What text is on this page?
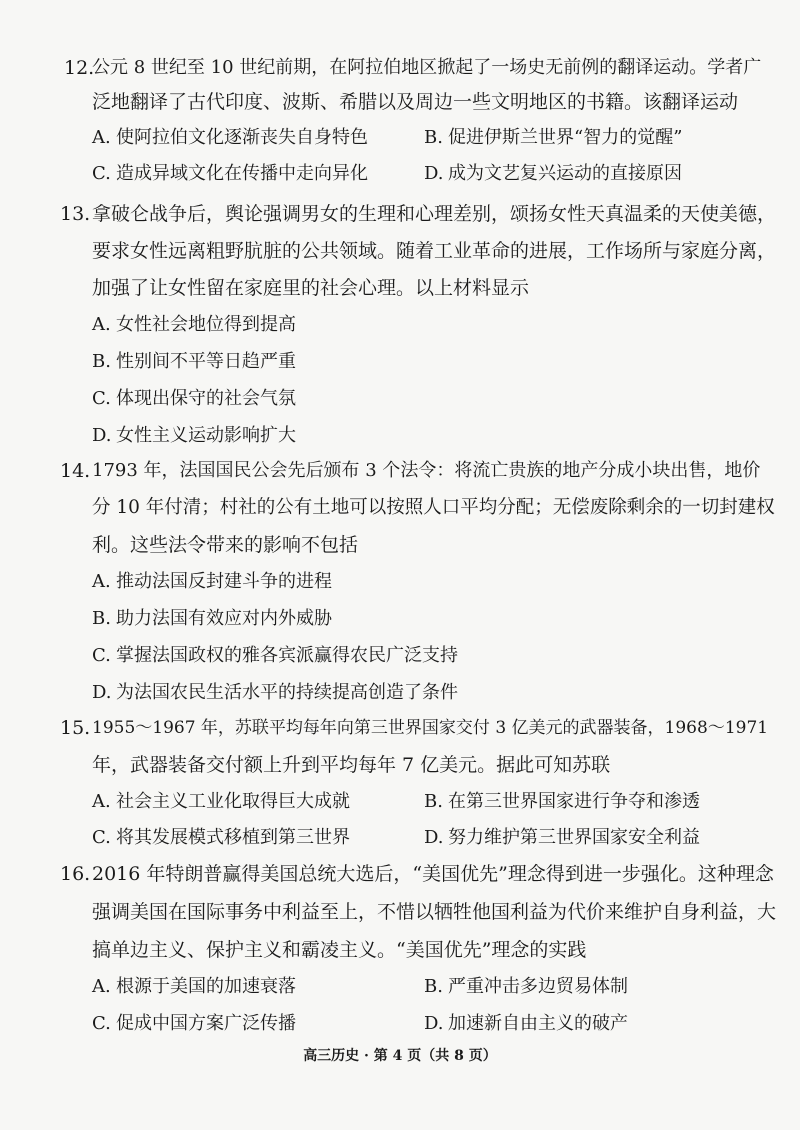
12.
公元 8 世纪至 10 世纪前期，在阿拉伯地区掀起了一场史无前例的翻译运动。学者广
泛地翻译了古代印度、波斯、希腊以及周边一些文明地区的书籍。该翻译运动
A. 使阿拉伯文化逐渐丧失自身特色	B. 促进伊斯兰世界“智力的觉醒”
C. 造成异域文化在传播中走向异化	D. 成为文艺复兴运动的直接原因
13. 拿破仑战争后，舆论强调男女的生理和心理差别，颂扬女性天真温柔的天使美德，
要求女性远离粗野肮脏的公共领域。随着工业革命的进展，工作场所与家庭分离，
加强了让女性留在家庭里的社会心理。以上材料显示
A. 女性社会地位得到提高
B. 性别间不平等日趋严重
C. 体现出保守的社会气氛
D. 女性主义运动影响扩大
14. 1793 年，法国国民公会先后颁布 3 个法令：将流亡贵族的地产分成小块出售，地价
分 10 年付清；村社的公有土地可以按照人口平均分配；无偿废除剩余的一切封建权
利。这些法令带来的影响不包括
A. 推动法国反封建斗争的进程
B. 助力法国有效应对内外威胁
C. 掌握法国政权的雅各宾派赢得农民广泛支持
D. 为法国农民生活水平的持续提高创造了条件
15. 1955～1967 年，苏联平均每年向第三世界国家交付 3 亿美元的武器装备，1968～1971
年，武器装备交付额上升到平均每年 7 亿美元。据此可知苏联
A. 社会主义工业化取得巨大成就	B. 在第三世界国家进行争夺和渗透
C. 将其发展模式移植到第三世界	D. 努力维护第三世界国家安全利益
16. 2016 年特朗普赢得美国总统大选后，“美国优先”理念得到进一步强化。这种理念
强调美国在国际事务中利益至上，不惜以牺牲他国利益为代价来维护自身利益，大
搞单边主义、保护主义和霸凌主义。“美国优先”理念的实践
A. 根源于美国的加速衰落	B. 严重冲击多边贸易体制
C. 促成中国方案广泛传播	D. 加速新自由主义的破产
高三历史 · 第 4 页（共 8 页）
